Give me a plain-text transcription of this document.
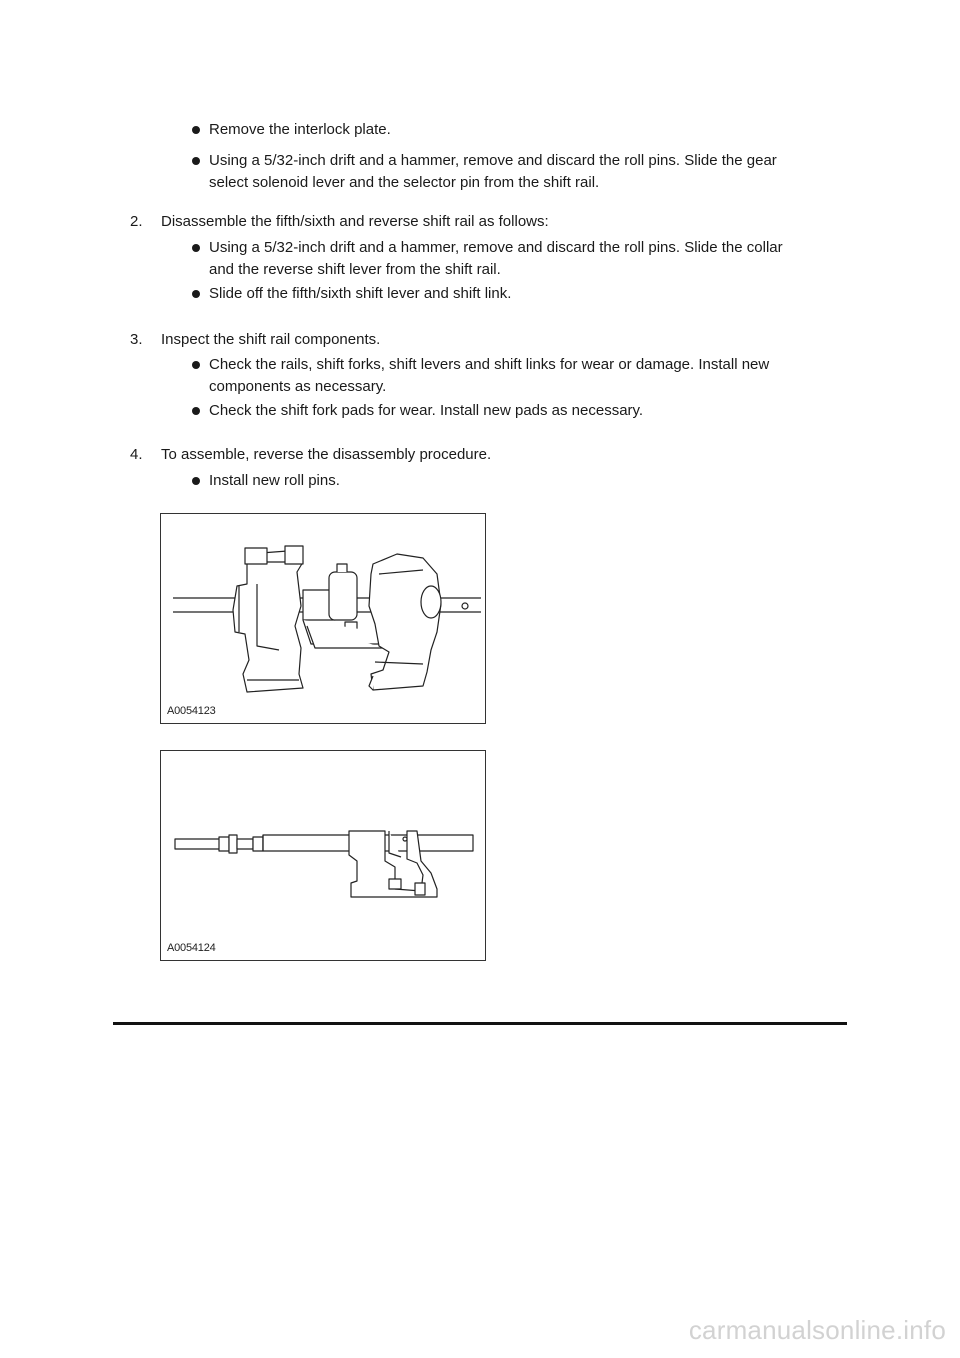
Remove the interlock plate.
Using a 5/32-inch drift and a hammer, remove and discard the roll pins. Slide the gear
select solenoid lever and the selector pin from the shift rail.
2. Disassemble the fifth/sixth and reverse shift rail as follows:
Using a 5/32-inch drift and a hammer, remove and discard the roll pins. Slide the collar
and the reverse shift lever from the shift rail.
Slide off the fifth/sixth shift lever and shift link.
3. Inspect the shift rail components.
Check the rails, shift forks, shift levers and shift links for wear or damage. Install new
components as necessary.
Check the shift fork pads for wear. Install new pads as necessary.
4. To assemble, reverse the disassembly procedure.
Install new roll pins.
A0054123
A0054124
carmanualsonline.info
